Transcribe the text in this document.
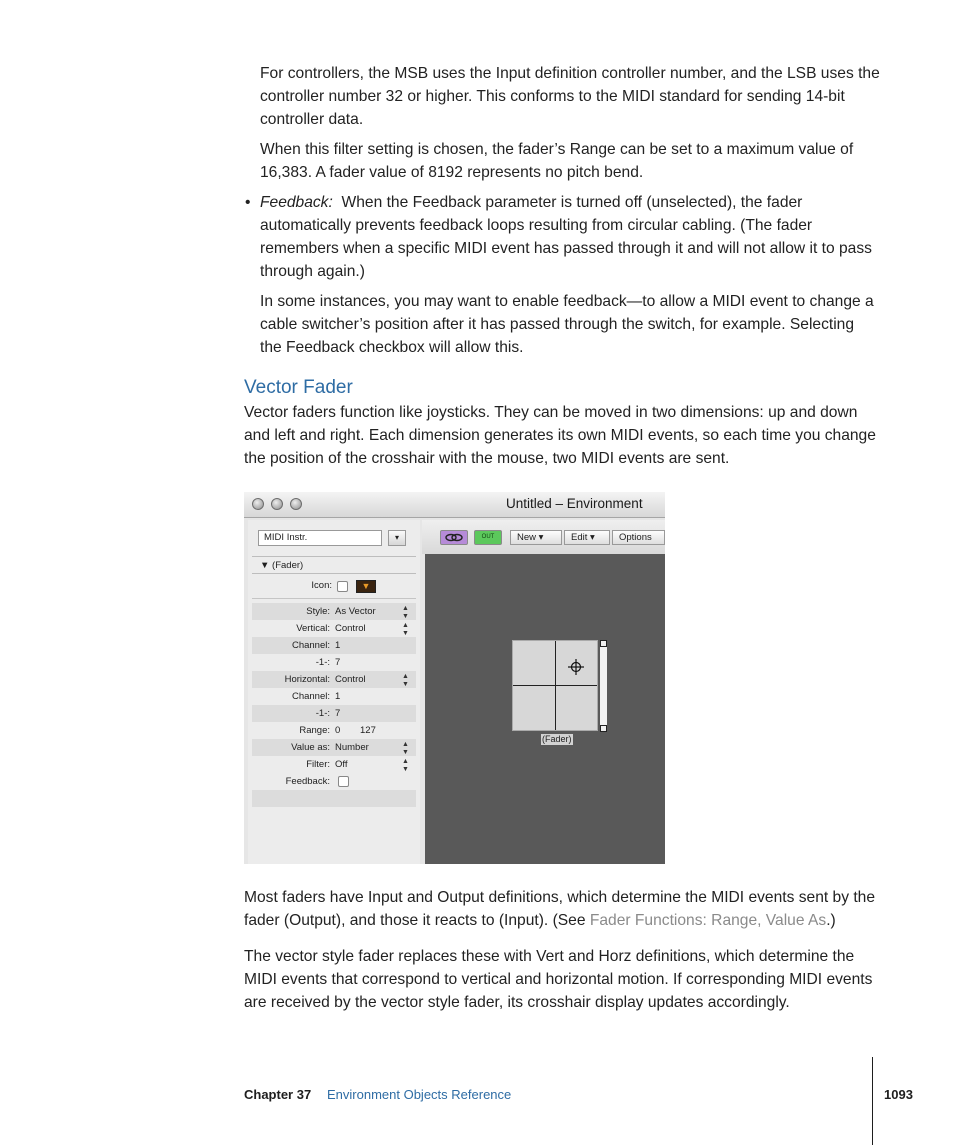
For controllers, the MSB uses the Input definition controller number, and the LSB uses the controller number 32 or higher. This conforms to the MIDI standard for sending 14-bit controller data.
When this filter setting is chosen, the fader’s Range can be set to a maximum value of 16,383. A fader value of 8192 represents no pitch bend.
• Feedback: When the Feedback parameter is turned off (unselected), the fader automatically prevents feedback loops resulting from circular cabling. (The fader remembers when a specific MIDI event has passed through it and will not allow it to pass through again.)
In some instances, you may want to enable feedback—to allow a MIDI event to change a cable switcher’s position after it has passed through the switch, for example. Selecting the Feedback checkbox will allow this.
Vector Fader
Vector faders function like joysticks. They can be moved in two dimensions: up and down and left and right. Each dimension generates its own MIDI events, so each time you change the position of the crosshair with the mouse, two MIDI events are sent.
Untitled – Environment
MIDI Instr.	▾
▼ (Fader)
Icon:	▼
Style: As Vector	▲
▼
Vertical: Control	▲
▼
Channel: 1
-1-: 7
Horizontal: Control	▲
▼
Channel: 1
-1-: 7
Range: 0 127
Value as: Number	▲
▼
Filter: Off	▲
▼
Feedback:
OUT	New ▾	Edit ▾	Options
(Fader)
Most faders have Input and Output definitions, which determine the MIDI events sent by the fader (Output), and those it reacts to (Input). (See Fader Functions: Range, Value As.)
The vector style fader replaces these with Vert and Horz definitions, which determine the MIDI events that correspond to vertical and horizontal motion. If corresponding MIDI events are received by the vector style fader, its crosshair display updates accordingly.
Chapter 37 Environment Objects Reference	1093
